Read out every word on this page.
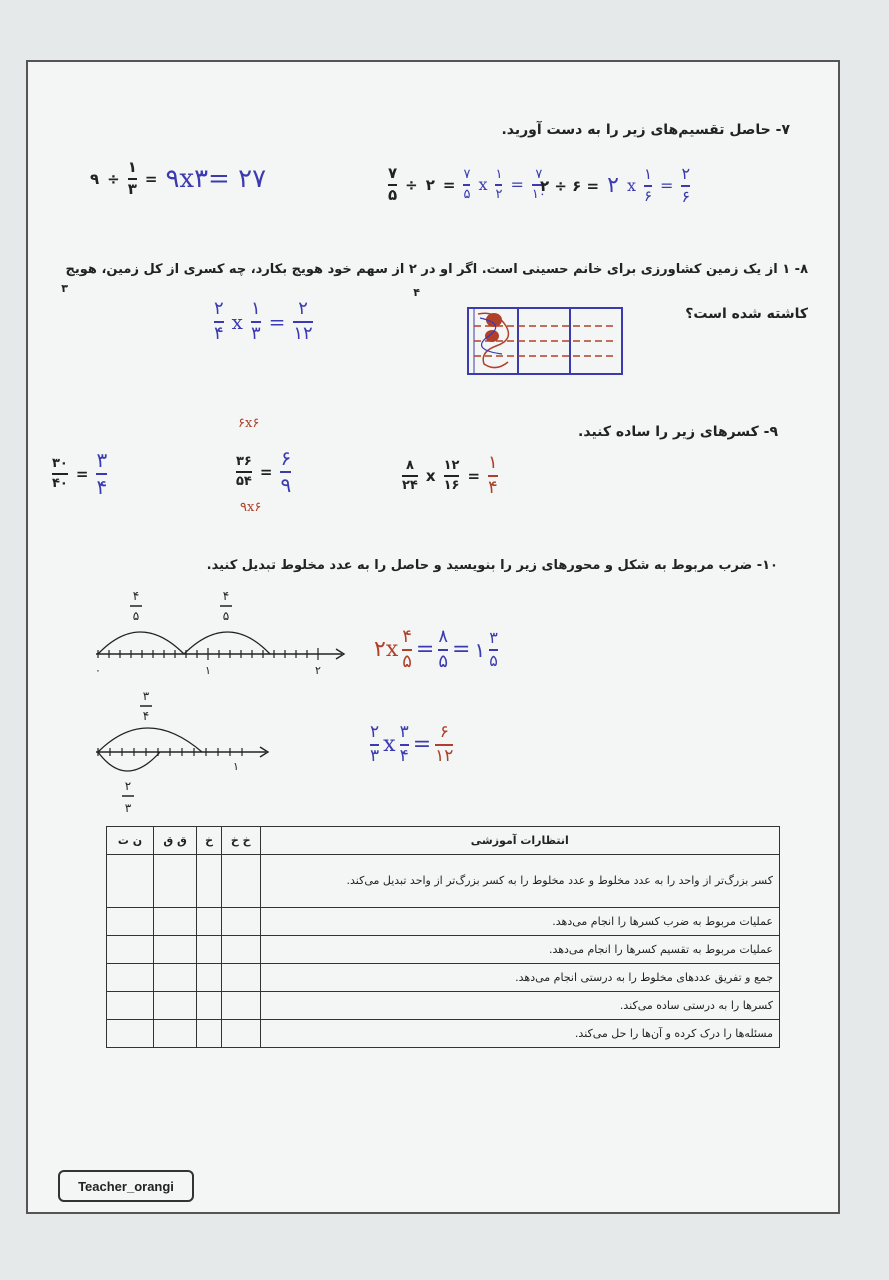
۷- حاصل تقسیم‌های زیر را به دست آورید.
۹ ÷ $\frac{۱}{۳}$ = ۹x۳= ۲۷	$\frac{۷}{۵}$ ÷ ۲ = $\frac{۷}{۵}$ x $\frac{۱}{۲} = \frac{۷}{۱۰}$
۲ ÷ ۶ = ۲ x $\frac{۱}{۶} = \frac{۲}{۶}$
۸- ۱ از یک زمین کشاورزی برای خانم حسینی است. اگر او در ۲ از سهم خود هویج بکارد، چه کسری از کل زمین، هویج
۳	۴
کاشته شده است؟
$\frac{۲}{۴}$ x $\frac{۱}{۳} = \frac{۲}{۱۲}$
۹- کسرهای زیر را ساده کنید.
$\frac{۳۰}{۴۰} = \frac{۳}{۴}$
۶x۶
$\frac{۳۶}{۵۴} = \frac{۶}{۹}$
۹x۶
$\frac{۸}{۲۴}$ x $\frac{۱۲}{۱۶} = \frac{۱}{۴}$
۱۰- ضرب مربوط به شکل و محورهای زیر را بنویسید و حاصل را به عدد مخلوط تبدیل کنید.
۴
۵
۴
۵
۰	۱	۲
۲x $\frac{۴}{۵} = \frac{۸}{۵}$ = ۱ $\frac{۳}{۵}$
۳
۴
۱
۲
۳
$\frac{۲}{۳}$ x $\frac{۳}{۴} = \frac{۶}{۱۲}$
انتظارات آموزشی	خ خ	خ	ق ق	ن ت
کسر بزرگ‌تر از واحد را به عدد مخلوط و عدد مخلوط را به کسر بزرگ‌تر از واحد تبدیل می‌کند.				
عملیات مربوط به ضرب کسرها را انجام می‌دهد.				
عملیات مربوط به تقسیم کسرها را انجام می‌دهد.				
جمع و تفریق عددهای مخلوط را به درستی انجام می‌دهد.				
کسرها را به درستی ساده می‌کند.				
مسئله‌ها را درک کرده و آن‌ها را حل می‌کند.				
Teacher_orangi
